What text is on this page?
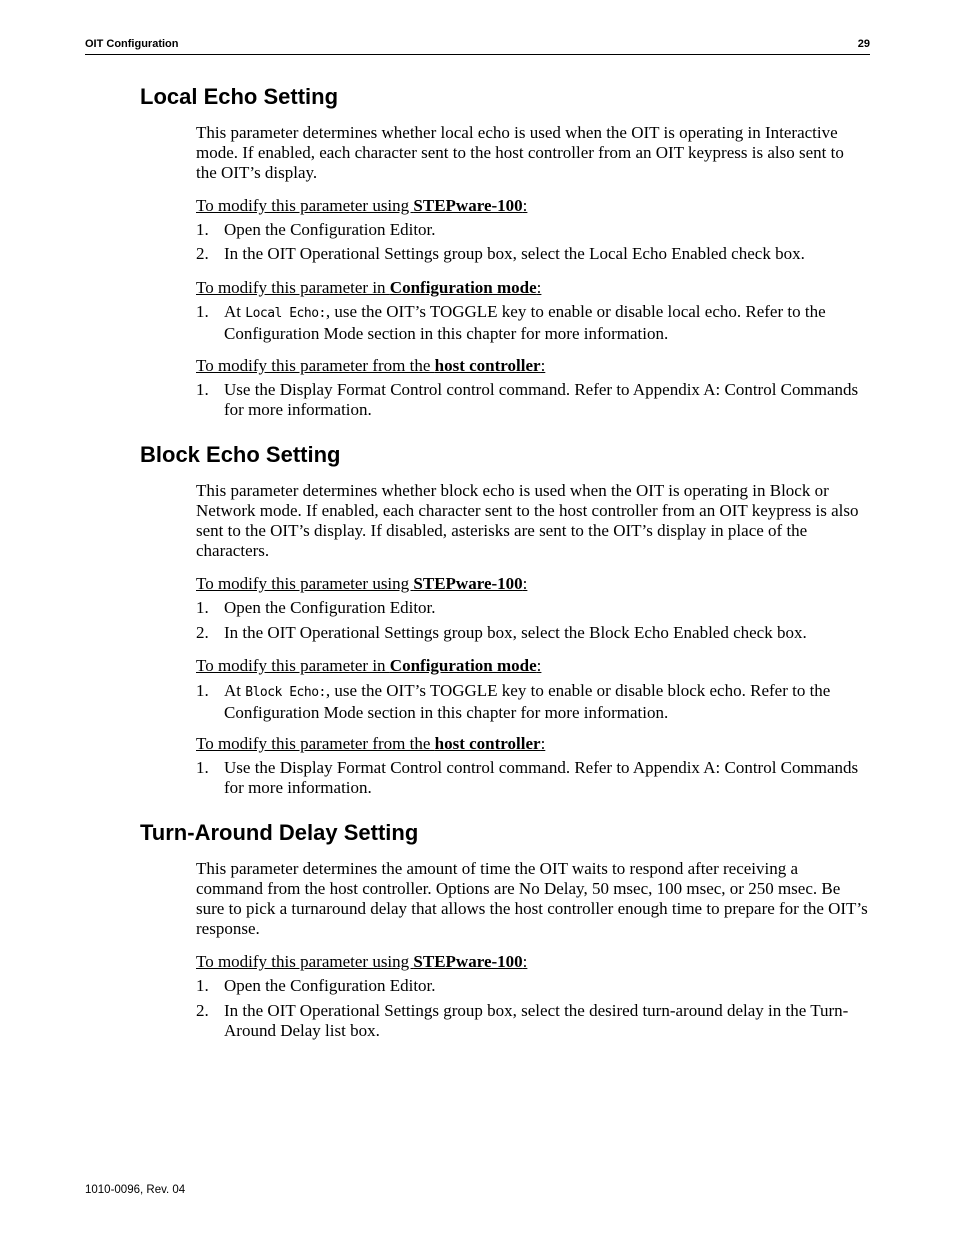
OIT Configuration	29
Local Echo Setting
This parameter determines whether local echo is used when the OIT is operating in Interactive mode. If enabled, each character sent to the host controller from an OIT keypress is also sent to the OIT’s display.
To modify this parameter using STEPware-100:
1. Open the Configuration Editor.
2. In the OIT Operational Settings group box, select the Local Echo Enabled check box.
To modify this parameter in Configuration mode:
1. At Local Echo:, use the OIT’s TOGGLE key to enable or disable local echo. Refer to the Configuration Mode section in this chapter for more information.
To modify this parameter from the host controller:
1. Use the Display Format Control control command. Refer to Appendix A: Control Commands for more information.
Block Echo Setting
This parameter determines whether block echo is used when the OIT is operating in Block or Network mode. If enabled, each character sent to the host controller from an OIT keypress is also sent to the OIT’s display. If disabled, asterisks are sent to the OIT’s display in place of the characters.
To modify this parameter using STEPware-100:
1. Open the Configuration Editor.
2. In the OIT Operational Settings group box, select the Block Echo Enabled check box.
To modify this parameter in Configuration mode:
1. At Block Echo:, use the OIT’s TOGGLE key to enable or disable block echo. Refer to the Configuration Mode section in this chapter for more information.
To modify this parameter from the host controller:
1. Use the Display Format Control control command. Refer to Appendix A: Control Commands for more information.
Turn-Around Delay Setting
This parameter determines the amount of time the OIT waits to respond after receiving a command from the host controller. Options are No Delay, 50 msec, 100 msec, or 250 msec. Be sure to pick a turnaround delay that allows the host controller enough time to prepare for the OIT’s response.
To modify this parameter using STEPware-100:
1. Open the Configuration Editor.
2. In the OIT Operational Settings group box, select the desired turn-around delay in the Turn-Around Delay list box.
1010-0096, Rev. 04
